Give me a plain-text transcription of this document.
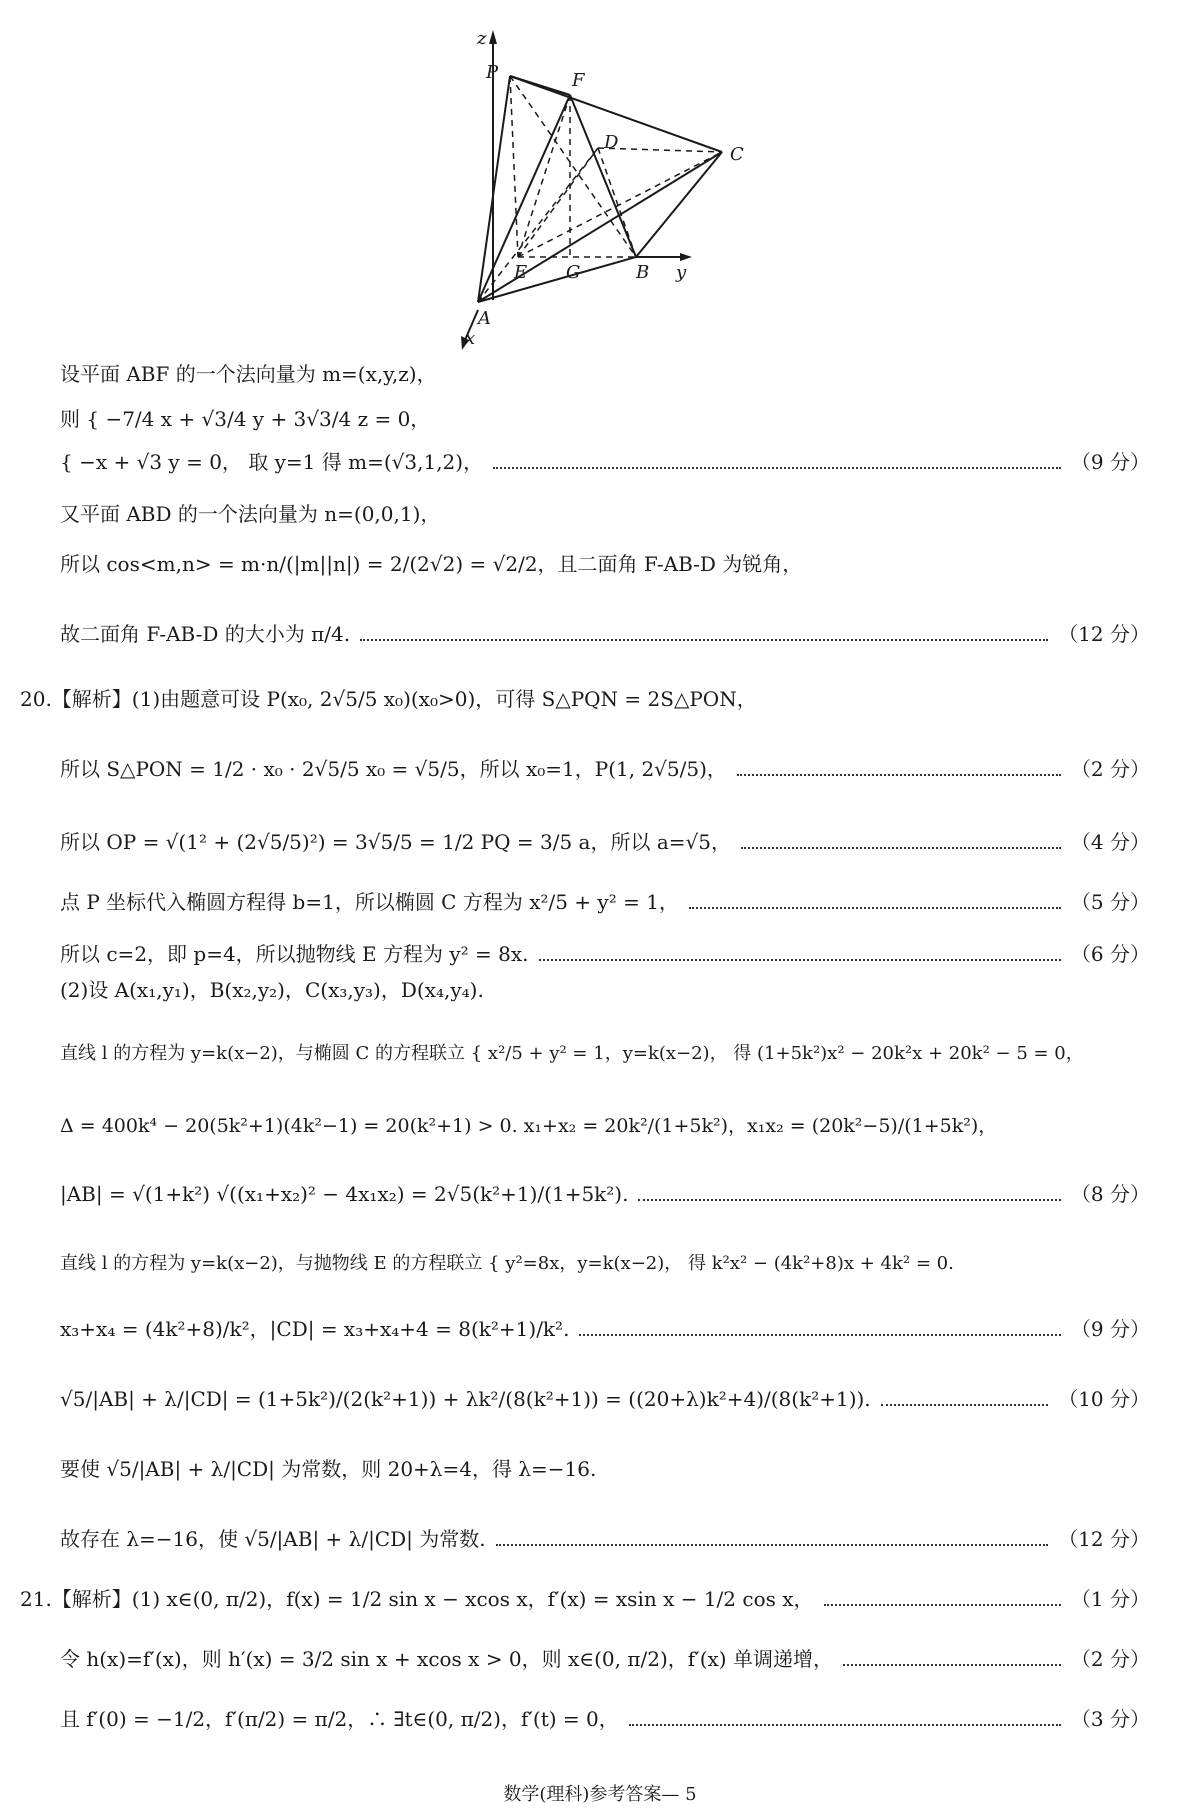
z
P	F
D
C
E G	B y
A
x
设平面 ABF 的一个法向量为 m=(x,y,z)，
则 { −7/4 x + √3/4 y + 3√3/4 z = 0，
{ −x + √3 y = 0， 取 y=1 得 m=(√3,1,2)，	（9 分）
又平面 ABD 的一个法向量为 n=(0,0,1)，
所以 cos<m,n> = m·n/(|m||n|) = 2/(2√2) = √2/2，且二面角 F-AB-D 为锐角，
故二面角 F-AB-D 的大小为 π/4.	（12 分）
20.【解析】(1)由题意可设 P(x₀, 2√5/5 x₀)(x₀>0)，可得 S△PQN = 2S△PON，
所以 S△PON = 1/2 · x₀ · 2√5/5 x₀ = √5/5，所以 x₀=1，P(1, 2√5/5)，	（2 分）
所以 OP = √(1² + (2√5/5)²) = 3√5/5 = 1/2 PQ = 3/5 a，所以 a=√5，	（4 分）
点 P 坐标代入椭圆方程得 b=1，所以椭圆 C 方程为 x²/5 + y² = 1，	（5 分）
所以 c=2，即 p=4，所以抛物线 E 方程为 y² = 8x.	（6 分）
(2)设 A(x₁,y₁)，B(x₂,y₂)，C(x₃,y₃)，D(x₄,y₄).
直线 l 的方程为 y=k(x−2)，与椭圆 C 的方程联立 { x²/5 + y² = 1，y=k(x−2)， 得 (1+5k²)x² − 20k²x + 20k² − 5 = 0，
Δ = 400k⁴ − 20(5k²+1)(4k²−1) = 20(k²+1) > 0. x₁+x₂ = 20k²/(1+5k²)，x₁x₂ = (20k²−5)/(1+5k²)，
|AB| = √(1+k²) √((x₁+x₂)² − 4x₁x₂) = 2√5(k²+1)/(1+5k²).	（8 分）
直线 l 的方程为 y=k(x−2)，与抛物线 E 的方程联立 { y²=8x，y=k(x−2)， 得 k²x² − (4k²+8)x + 4k² = 0.
x₃+x₄ = (4k²+8)/k²，|CD| = x₃+x₄+4 = 8(k²+1)/k².	（9 分）
√5/|AB| + λ/|CD| = (1+5k²)/(2(k²+1)) + λk²/(8(k²+1)) = ((20+λ)k²+4)/(8(k²+1)).	（10 分）
要使 √5/|AB| + λ/|CD| 为常数，则 20+λ=4，得 λ=−16.
故存在 λ=−16，使 √5/|AB| + λ/|CD| 为常数.	（12 分）
21.【解析】(1) x∈(0, π/2)，f(x) = 1/2 sin x − xcos x，f′(x) = xsin x − 1/2 cos x，	（1 分）
令 h(x)=f′(x)，则 h′(x) = 3/2 sin x + xcos x > 0，则 x∈(0, π/2)，f′(x) 单调递增，	（2 分）
且 f′(0) = −1/2，f′(π/2) = π/2，∴ ∃t∈(0, π/2)，f′(t) = 0，	（3 分）
数学(理科)参考答案— 5
